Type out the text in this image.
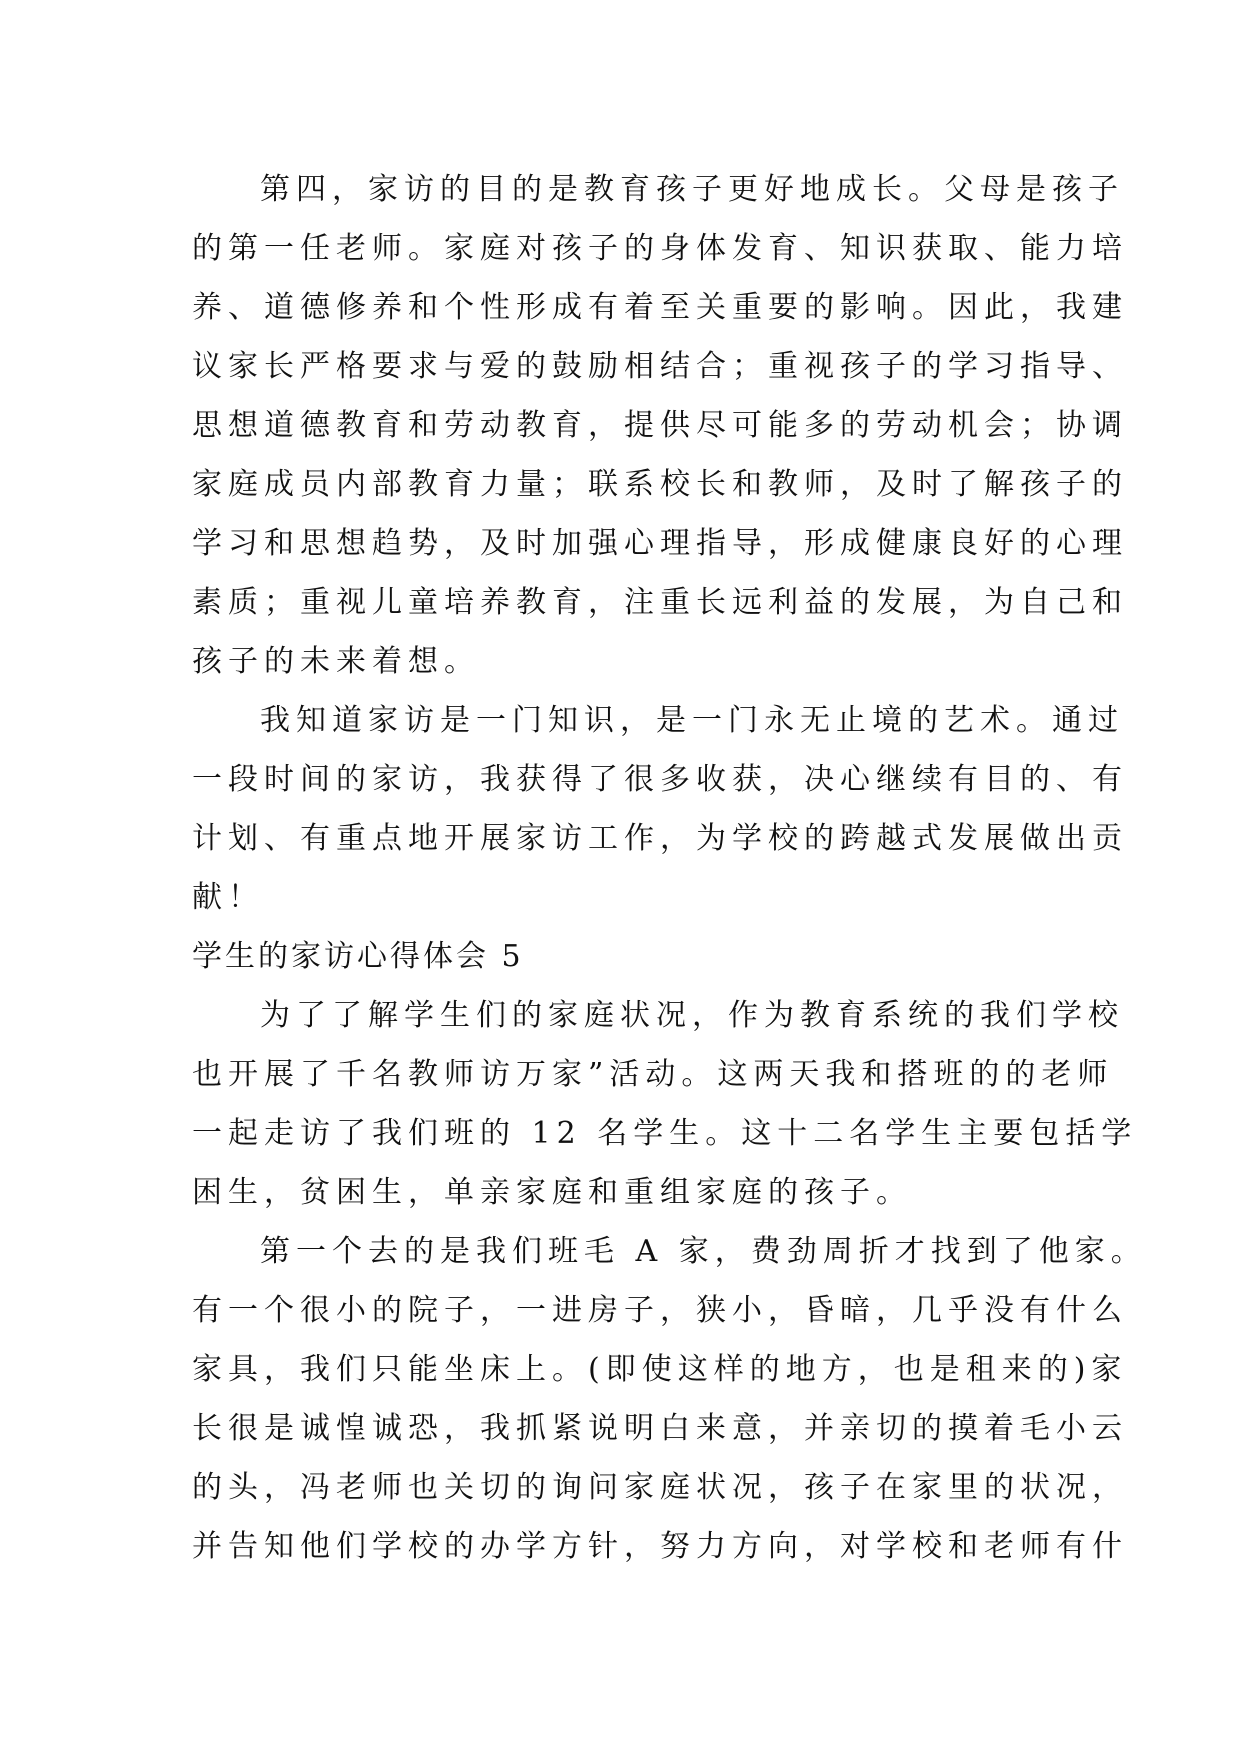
第四，家访的目的是教育孩子更好地成长。父母是孩子
的第一任老师。家庭对孩子的身体发育、知识获取、能力培
养、道德修养和个性形成有着至关重要的影响。因此，我建
议家长严格要求与爱的鼓励相结合；重视孩子的学习指导、
思想道德教育和劳动教育，提供尽可能多的劳动机会；协调
家庭成员内部教育力量；联系校长和教师，及时了解孩子的
学习和思想趋势，及时加强心理指导，形成健康良好的心理
素质；重视儿童培养教育，注重长远利益的发展，为自己和
孩子的未来着想。
我知道家访是一门知识，是一门永无止境的艺术。通过
一段时间的家访，我获得了很多收获，决心继续有目的、有
计划、有重点地开展家访工作，为学校的跨越式发展做出贡
献！
学生的家访心得体会 5
为了了解学生们的家庭状况，作为教育系统的我们学校
也开展了千名教师访万家”活动。这两天我和搭班的的老师
一起走访了我们班的 12 名学生。这十二名学生主要包括学
困生，贫困生，单亲家庭和重组家庭的孩子。
第一个去的是我们班毛 A 家，费劲周折才找到了他家。
有一个很小的院子，一进房子，狭小，昏暗，几乎没有什么
家具，我们只能坐床上。(即使这样的地方，也是租来的)家
长很是诚惶诚恐，我抓紧说明白来意，并亲切的摸着毛小云
的头，冯老师也关切的询问家庭状况，孩子在家里的状况，
并告知他们学校的办学方针，努力方向，对学校和老师有什
